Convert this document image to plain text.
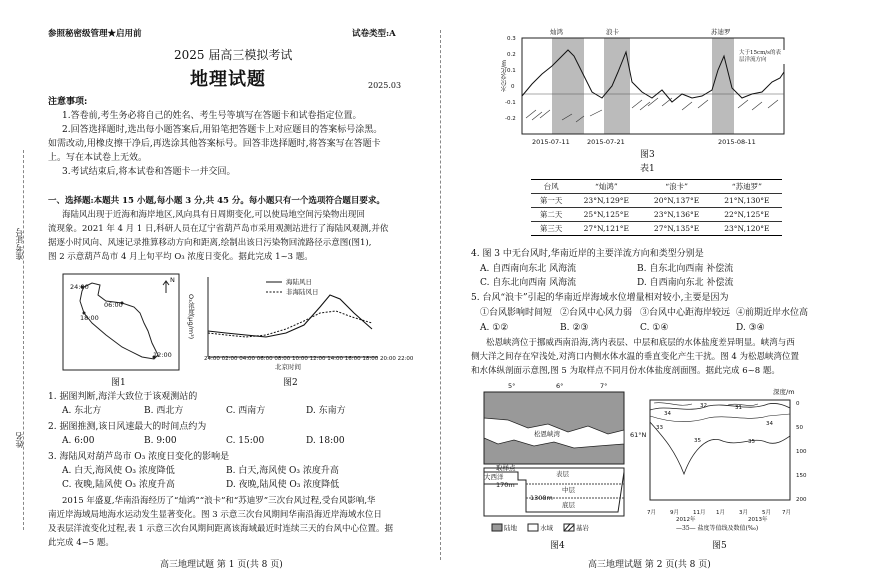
参照秘密级管理★启用前	试卷类型:A
2025 届高三模拟考试
地理试题	2025.03
准考证号
姓名
注意事项:
1.答卷前,考生务必将自己的姓名、考生号等填写在答题卡和试卷指定位置。
2.回答选择题时,选出每小题答案后,用铅笔把答题卡上对应题目的答案标号涂黑。
如需改动,用橡皮擦干净后,再选涂其他答案标号。回答非选择题时,将答案写在答题卡
上。写在本试卷上无效。
3.考试结束后,将本试卷和答题卡一并交回。
一、选择题:本题共 15 小题,每小题 3 分,共 45 分。每小题只有一个选项符合题目要求。
海陆风出现于近海和海岸地区,风向具有日周期变化,可以使局地空间污染物出现回
流现象。2021 年 4 月 1 日,科研人员在辽宁省葫芦岛市采用观测站进行了海陆风观测,并依
据逐小时风向、风速记录推算移动方向和距离,绘制出该日污染物回流路径示意图(图1),
图 2 示意葫芦岛市 4 月上旬平均 O₃ 浓度日变化。据此完成 1~3 题。
24:00
06:00
18:00
12:00
N
图1
海陆风日
非海陆风日
O₃浓度(μg/m³)
24:00 02:00 04:00 06:00 08:00 10:00 12:00 14:00 16:00 18:00 20:00 22:00
北京时间
图2
1. 据图判断,海洋大致位于该观测站的
A. 东北方	B. 西北方	C. 西南方	D. 东南方
2. 据图推测,该日风速最大的时间点约为
A. 6:00	B. 9:00	C. 15:00	D. 18:00
3. 海陆风对葫芦岛市 O₃ 浓度日变化的影响是
A. 白天,海风使 O₃ 浓度降低	B. 白天,海风使 O₃ 浓度升高
C. 夜晚,陆风使 O₃ 浓度升高	D. 夜晚,陆风使 O₃ 浓度降低
2015 年盛夏,华南沿海经历了“灿鸿”“浪卡”和“苏迪罗”三次台风过程,受台风影响,华
南近岸海域局地海水运动发生显著变化。图 3 示意三次台风期间华南沿海近岸海域水位日
及表层洋流变化过程,表 1 示意三次台风期间距离该海域最近时连续三天的台风中心位置。据
此完成 4~5 题。
高三地理试题 第 1 页(共 8 页)
灿鸿	浪卡	苏迪罗
水位变化/m
0.3
0.2
0.1
0
-0.1
-0.2
大于15cm/s的表层洋流方向
2015-07-11	2015-07-21	2015-08-11
图3
表1
台风	“灿鸿”	“浪卡”	“苏迪罗”
第一天	23°N,129°E	20°N,137°E	21°N,130°E
第二天	25°N,125°E	23°N,136°E	22°N,125°E
第三天	27°N,121°E	27°N,135°E	23°N,120°E
4. 图 3 中无台风时,华南近岸的主要洋流方向和类型分别是
A. 自西南向东北 风海流	B. 自东北向西南 补偿流
C. 自东北向西南 风海流	D. 自西南向东北 补偿流
5. 台风“浪卡”引起的华南近岸海域水位增量相对较小,主要是因为
①台风影响时间短 ②台风中心风力弱 ③台风中心距海岸较远 ④前期近岸水位高
A. ①②	B. ②③	C. ①④	D. ③④
松恩峡湾位于挪威西南沿海,湾内表层、中层和底层的水体盐度差异明显。峡湾与西
侧大洋之间存在窄浅处,对湾口内侧水体水温的垂直变化产生干扰。图 4 为松恩峡湾位置
和水体纵剖面示意图,图 5 为取样点不同月份水体盐度剖面图。据此完成 6~8 题。
5°	6°	7°
61°N
松恩峡湾
取样点
表层
中层
底层
大西洋
170m
1308m
陆地	水域	基岩
图4
深度/m
0
50
100
150
200
34
35
33
32	31
35
34
7月	9月	11月 1月	3月	5月 7月
2012年	2013年
—35— 盐度等值线及数值(‰)
图5
高三地理试题 第 2 页(共 8 页)
